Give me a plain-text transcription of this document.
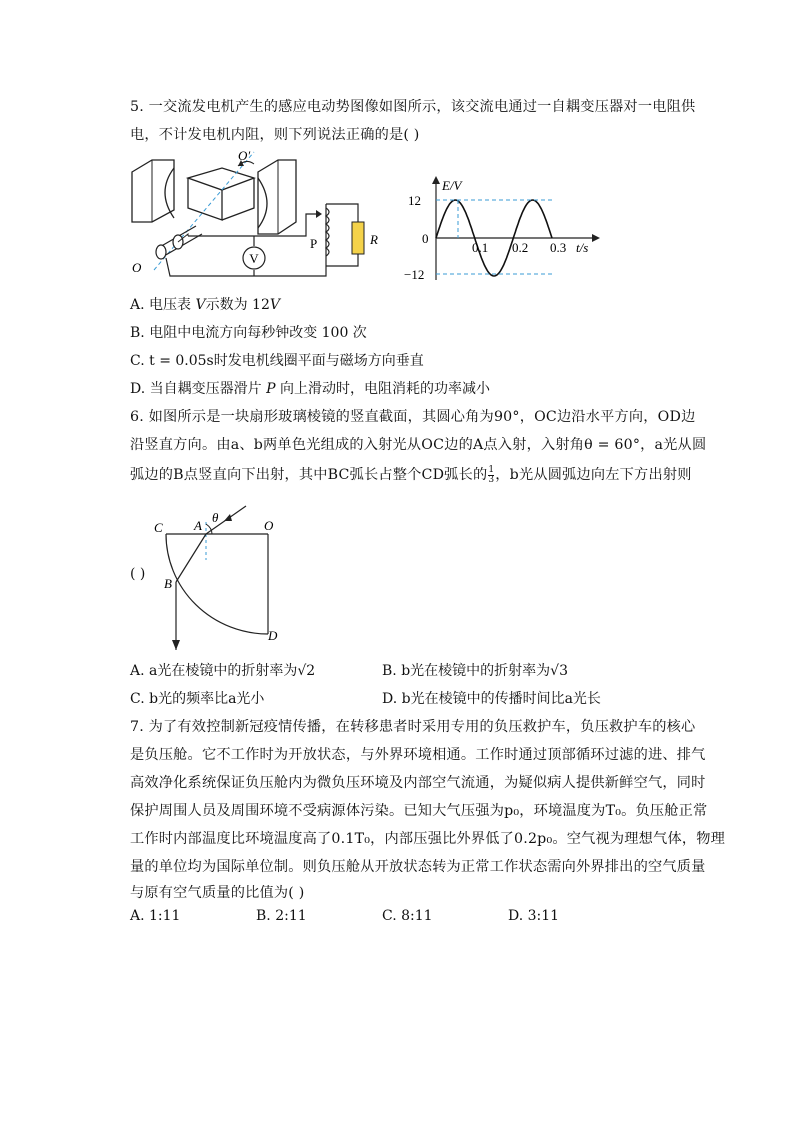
5. 一交流发电机产生的感应电动势图像如图所示，该交流电通过一自耦变压器对一电阻供
电，不计发电机内阻，则下列说法正确的是( )
V
O
O′
P	R
E/V
12
0
−12
0.1 0.2 0.3 t/s
A. 电压表 V示数为 12V
B. 电阻中电流方向每秒钟改变 100 次
C. t = 0.05s时发电机线圈平面与磁场方向垂直
D. 当自耦变压器滑片 P 向上滑动时，电阻消耗的功率减小
6. 如图所示是一块扇形玻璃棱镜的竖直截面，其圆心角为90°，OC边沿水平方向，OD边
沿竖直方向。由a、b两单色光组成的入射光从OC边的A点入射，入射角θ = 60°，a光从圆
弧边的B点竖直向下出射，其中BC弧长占整个CD弧长的 $\frac{1}{3}$ ，b光从圆弧边向左下方出射则
C A
θ
O
B
D
( )
A. a光在棱镜中的折射率为√2	B. b光在棱镜中的折射率为√3
C. b光的频率比a光小	D. b光在棱镜中的传播时间比a光长
7. 为了有效控制新冠疫情传播，在转移患者时采用专用的负压救护车，负压救护车的核心
是负压舱。它不工作时为开放状态，与外界环境相通。工作时通过顶部循环过滤的进、排气
高效净化系统保证负压舱内为微负压环境及内部空气流通，为疑似病人提供新鲜空气，同时
保护周围人员及周围环境不受病源体污染。已知大气压强为p₀，环境温度为T₀。负压舱正常
工作时内部温度比环境温度高了0.1T₀，内部压强比外界低了0.2p₀。空气视为理想气体，物理
量的单位均为国际单位制。则负压舱从开放状态转为正常工作状态需向外界排出的空气质量
与原有空气质量的比值为( )
A. 1:11	B. 2:11	C. 8:11	D. 3:11
